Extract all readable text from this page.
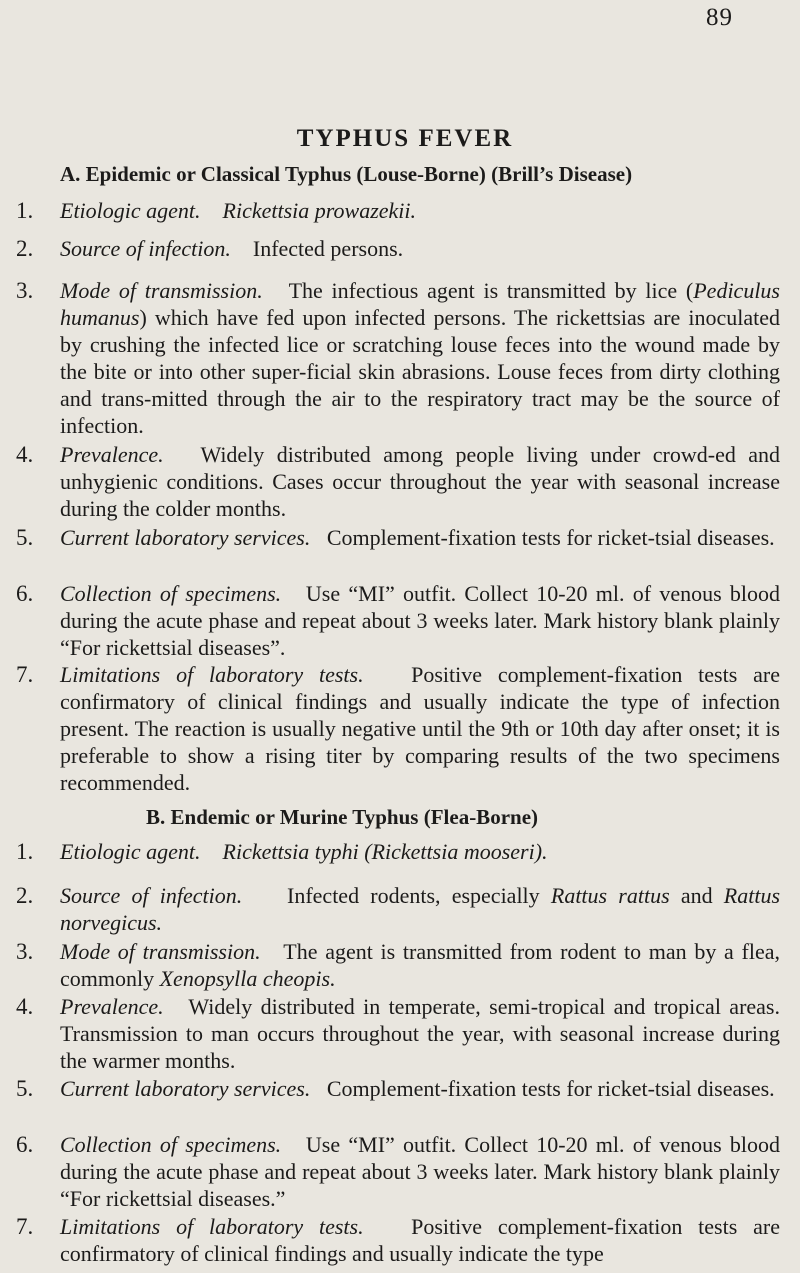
89
TYPHUS FEVER
A. Epidemic or Classical Typhus (Louse-Borne) (Brill’s Disease)
1.	Etiologic agent. Rickettsia prowazekii.
2.	Source of infection. Infected persons.
3.	Mode of transmission. The infectious agent is transmitted by lice (Pediculus humanus) which have fed upon infected persons. The rickettsias are inoculated by crushing the infected lice or scratching louse feces into the wound made by the bite or into other super-ficial skin abrasions. Louse feces from dirty clothing and trans-mitted through the air to the respiratory tract may be the source of infection.
4.	Prevalence. Widely distributed among people living under crowd-ed and unhygienic conditions. Cases occur throughout the year with seasonal increase during the colder months.
5.	Current laboratory services. Complement-fixation tests for ricket-tsial diseases.
6.	Collection of specimens. Use “MI” outfit. Collect 10-20 ml. of venous blood during the acute phase and repeat about 3 weeks later. Mark history blank plainly “For rickettsial diseases”.
7.	Limitations of laboratory tests. Positive complement-fixation tests are confirmatory of clinical findings and usually indicate the type of infection present. The reaction is usually negative until the 9th or 10th day after onset; it is preferable to show a rising titer by comparing results of the two specimens recommended.
B. Endemic or Murine Typhus (Flea-Borne)
1.	Etiologic agent. Rickettsia typhi (Rickettsia mooseri).
2.	Source of infection. Infected rodents, especially Rattus rattus and Rattus norvegicus.
3.	Mode of transmission. The agent is transmitted from rodent to man by a flea, commonly Xenopsylla cheopis.
4.	Prevalence. Widely distributed in temperate, semi-tropical and tropical areas. Transmission to man occurs throughout the year, with seasonal increase during the warmer months.
5.	Current laboratory services. Complement-fixation tests for ricket-tsial diseases.
6.	Collection of specimens. Use “MI” outfit. Collect 10-20 ml. of venous blood during the acute phase and repeat about 3 weeks later. Mark history blank plainly “For rickettsial diseases.”
7.	Limitations of laboratory tests. Positive complement-fixation tests are confirmatory of clinical findings and usually indicate the type
